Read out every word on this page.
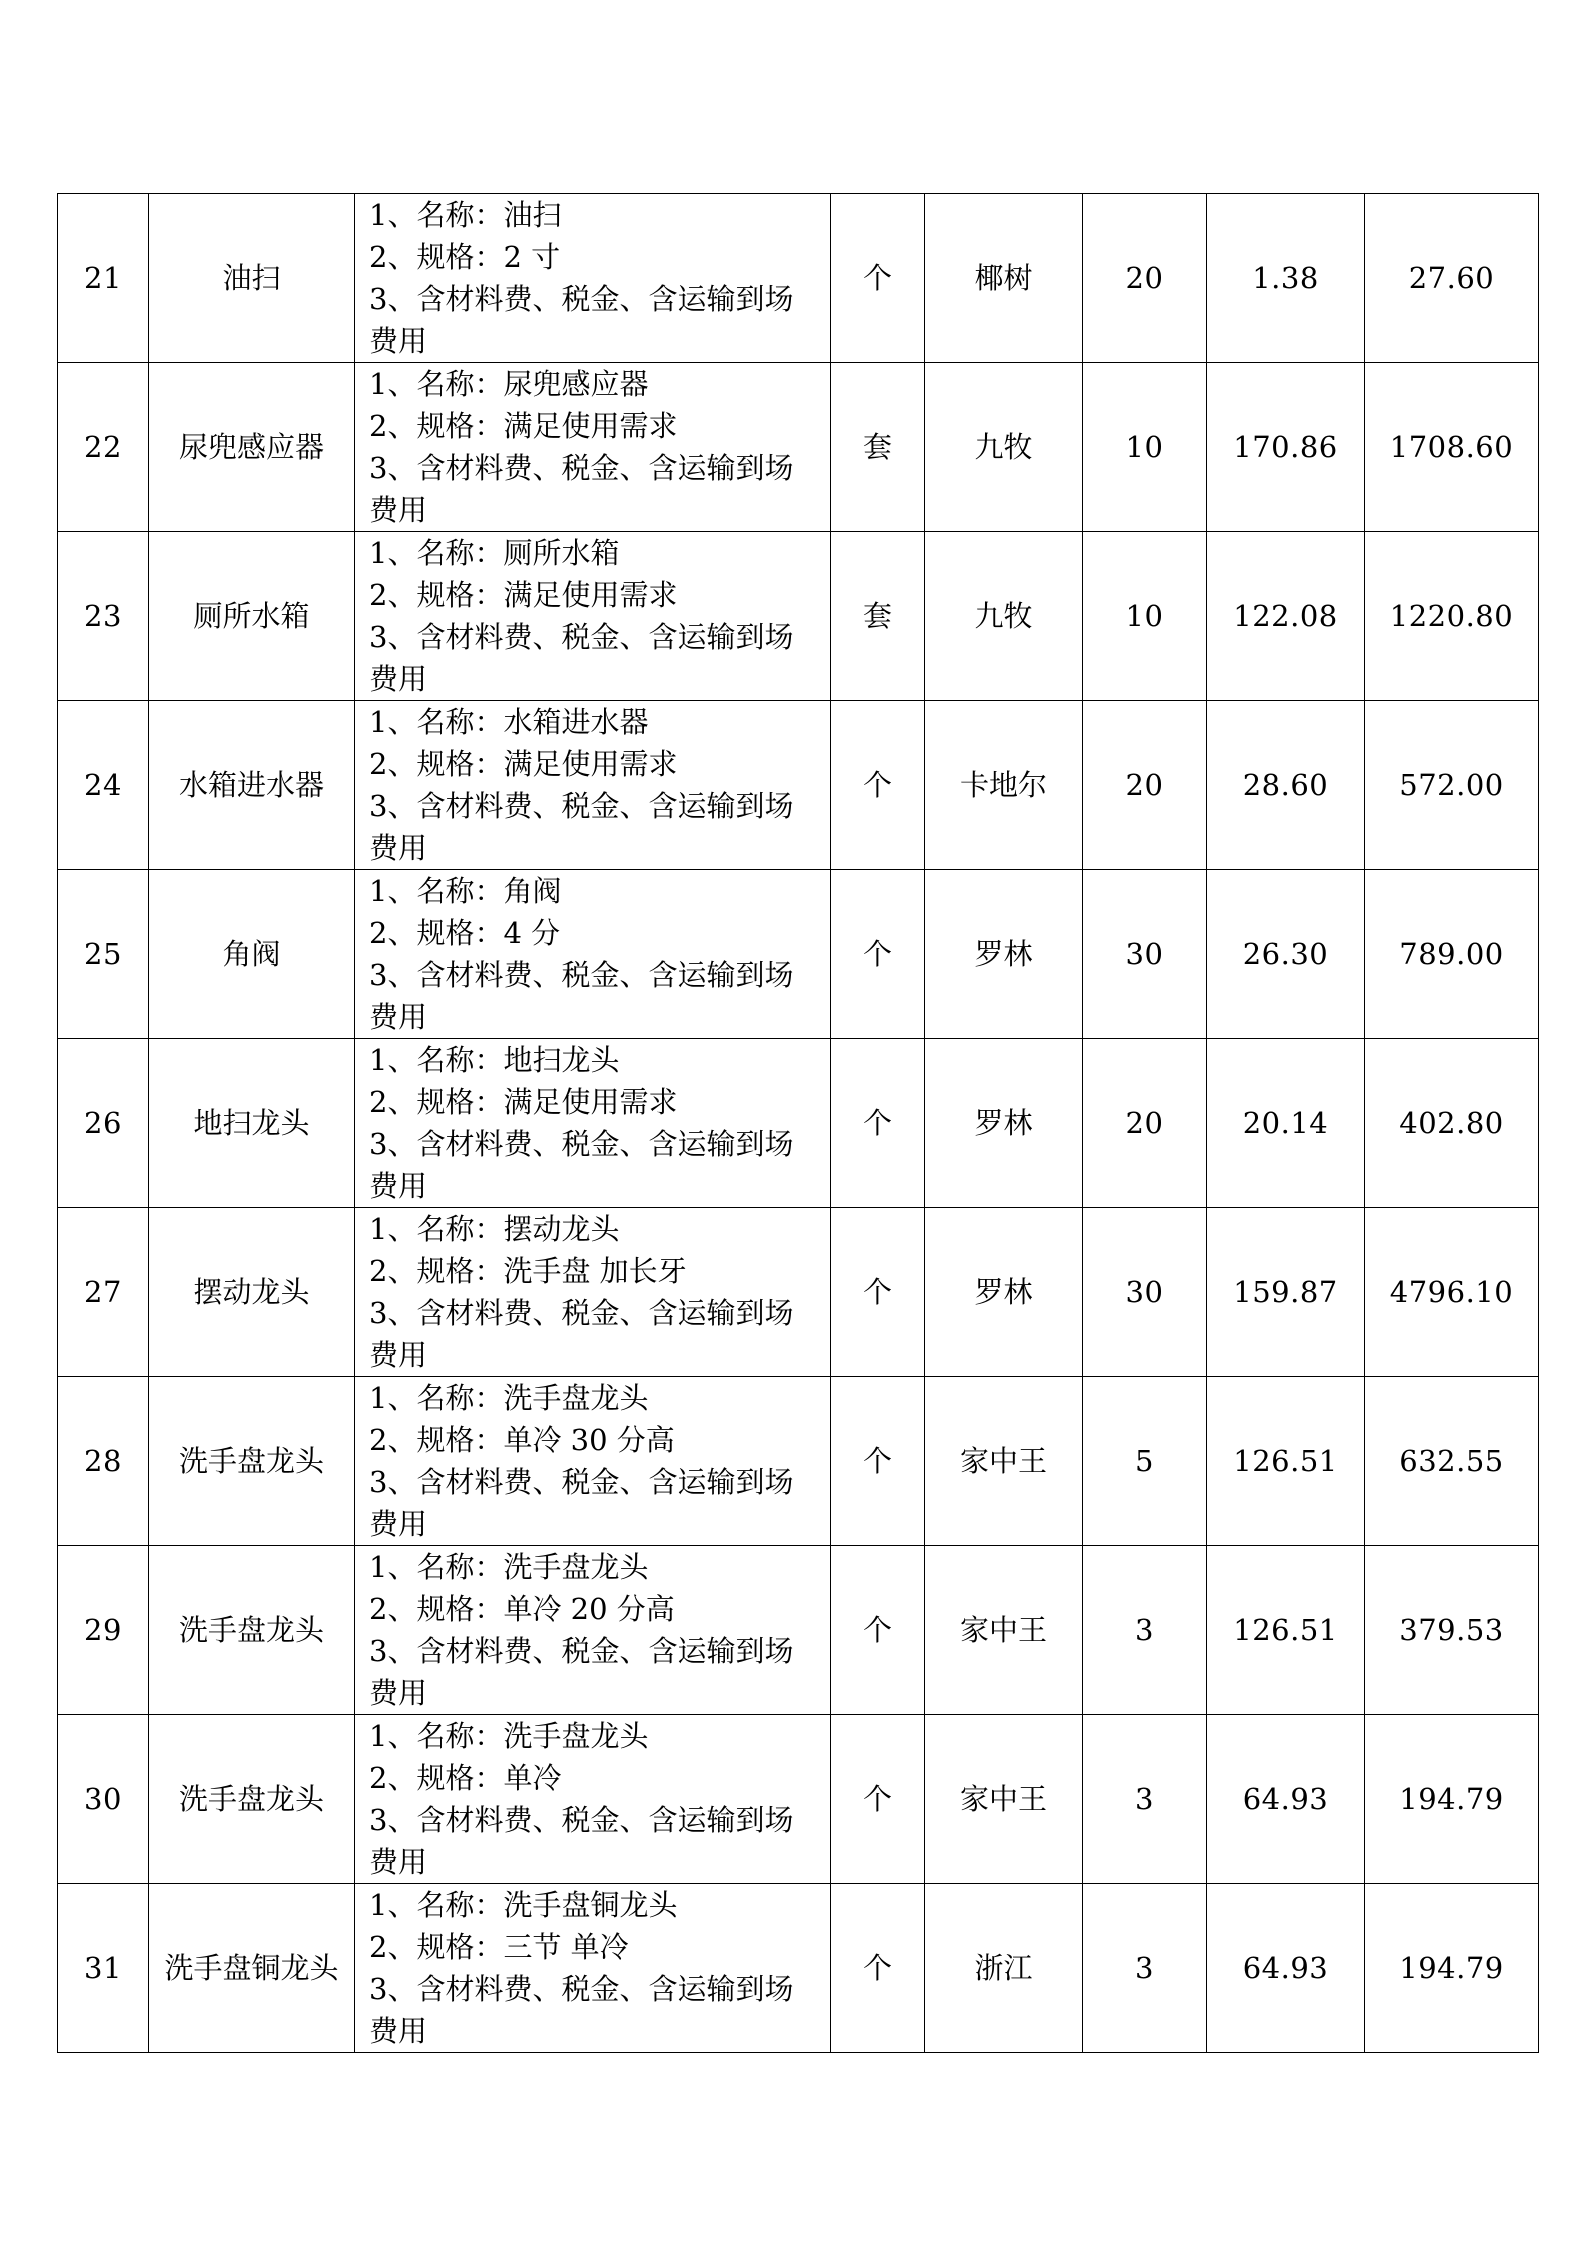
21	油扫	1、名称：油扫
2、规格：2 寸
3、含材料费、税金、含运输到场费用	个	椰树	20	1.38	27.60
22	尿兜感应器	1、名称：尿兜感应器
2、规格：满足使用需求
3、含材料费、税金、含运输到场费用	套	九牧	10	170.86	1708.60
23	厕所水箱	1、名称：厕所水箱
2、规格：满足使用需求
3、含材料费、税金、含运输到场费用	套	九牧	10	122.08	1220.80
24	水箱进水器	1、名称：水箱进水器
2、规格：满足使用需求
3、含材料费、税金、含运输到场费用	个	卡地尔	20	28.60	572.00
25	角阀	1、名称：角阀
2、规格：4 分
3、含材料费、税金、含运输到场费用	个	罗林	30	26.30	789.00
26	地扫龙头	1、名称：地扫龙头
2、规格：满足使用需求
3、含材料费、税金、含运输到场费用	个	罗林	20	20.14	402.80
27	摆动龙头	1、名称：摆动龙头
2、规格：洗手盘 加长牙
3、含材料费、税金、含运输到场费用	个	罗林	30	159.87	4796.10
28	洗手盘龙头	1、名称：洗手盘龙头
2、规格：单冷 30 分高
3、含材料费、税金、含运输到场费用	个	家中王	5	126.51	632.55
29	洗手盘龙头	1、名称：洗手盘龙头
2、规格：单冷 20 分高
3、含材料费、税金、含运输到场费用	个	家中王	3	126.51	379.53
30	洗手盘龙头	1、名称：洗手盘龙头
2、规格：单冷
3、含材料费、税金、含运输到场费用	个	家中王	3	64.93	194.79
31	洗手盘铜龙头	1、名称：洗手盘铜龙头
2、规格：三节 单冷
3、含材料费、税金、含运输到场费用	个	浙江	3	64.93	194.79
